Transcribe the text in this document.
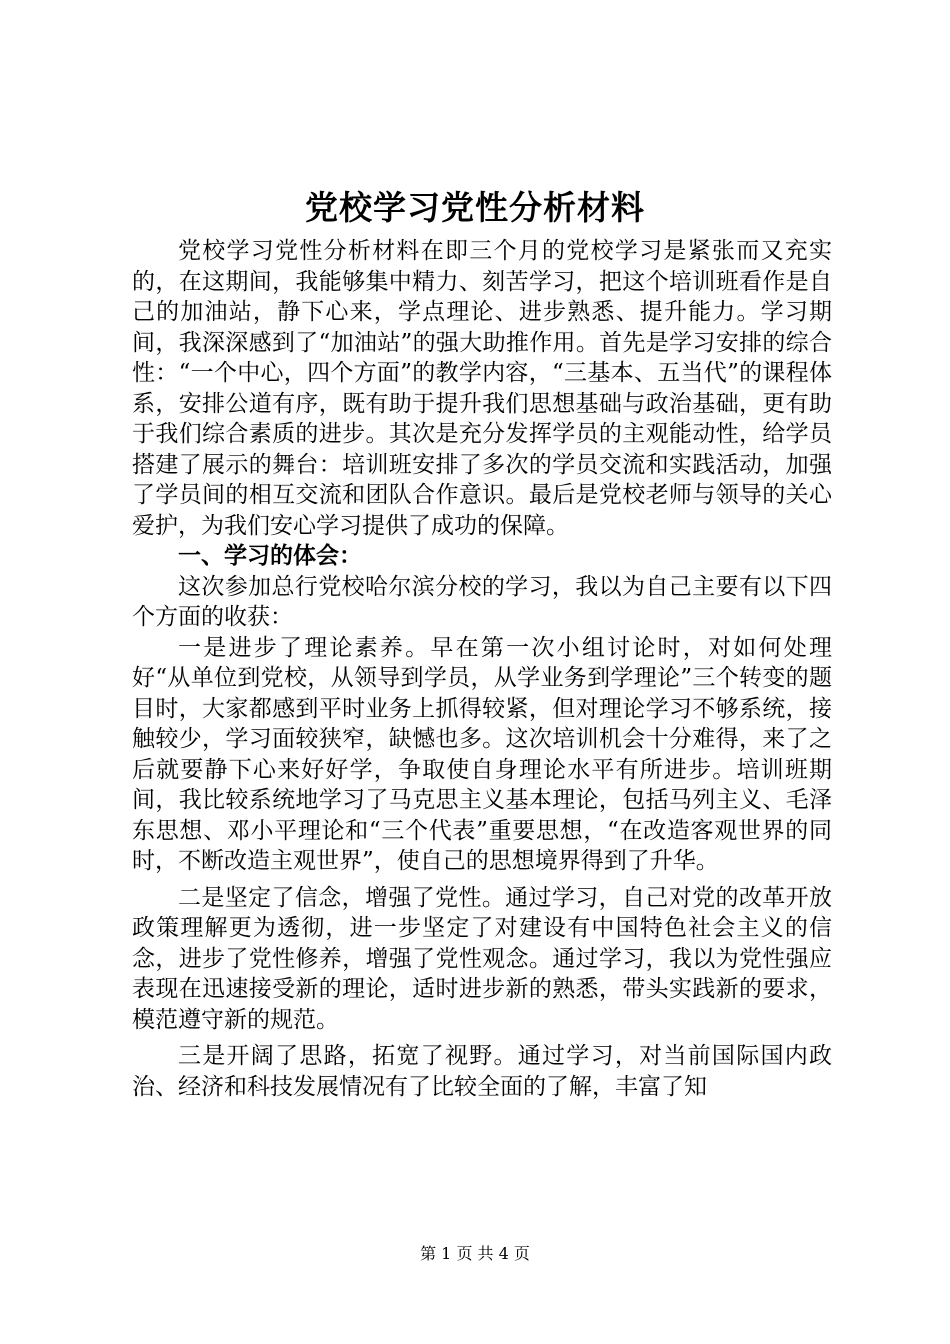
党校学习党性分析材料

党校学习党性分析材料在即三个月的党校学习是紧张而又充实的，在这期间，我能够集中精力、刻苦学习，把这个培训班看作是自己的加油站，静下心来，学点理论、进步熟悉、提升能力。学习期间，我深深感到了“加油站”的强大助推作用。首先是学习安排的综合性：“一个中心，四个方面”的教学内容，“三基本、五当代”的课程体系，安排公道有序，既有助于提升我们思想基础与政治基础，更有助于我们综合素质的进步。其次是充分发挥学员的主观能动性，给学员搭建了展示的舞台：培训班安排了多次的学员交流和实践活动，加强了学员间的相互交流和团队合作意识。最后是党校老师与领导的关心爱护，为我们安心学习提供了成功的保障。

一、学习的体会：

这次参加总行党校哈尔滨分校的学习，我以为自己主要有以下四个方面的收获：

一是进步了理论素养。早在第一次小组讨论时，对如何处理好“从单位到党校，从领导到学员，从学业务到学理论”三个转变的题目时，大家都感到平时业务上抓得较紧，但对理论学习不够系统，接触较少，学习面较狭窄，缺憾也多。这次培训机会十分难得，来了之后就要静下心来好好学，争取使自身理论水平有所进步。培训班期间，我比较系统地学习了马克思主义基本理论，包括马列主义、毛泽东思想、邓小平理论和“三个代表”重要思想，“在改造客观世界的同时，不断改造主观世界”，使自己的思想境界得到了升华。

二是坚定了信念，增强了党性。通过学习，自己对党的改革开放政策理解更为透彻，进一步坚定了对建设有中国特色社会主义的信念，进步了党性修养，增强了党性观念。通过学习，我以为党性强应表现在迅速接受新的理论，适时进步新的熟悉，带头实践新的要求，模范遵守新的规范。

三是开阔了思路，拓宽了视野。通过学习，对当前国际国内政治、经济和科技发展情况有了比较全面的了解，丰富了知

第 1 页 共 4 页
